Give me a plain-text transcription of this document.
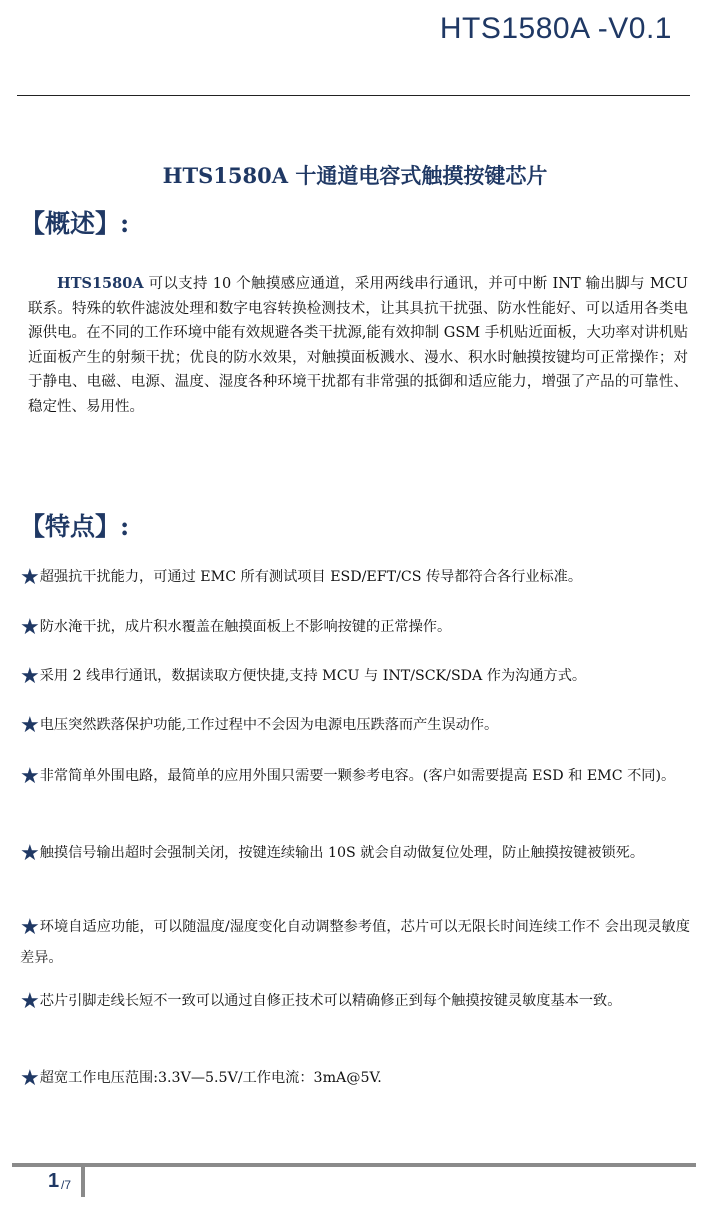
HTS1580A -V0.1
HTS1580A 十通道电容式触摸按键芯片
【概述】:

HTS1580A 可以支持 10 个触摸感应通道，采用两线串行通讯，并可中断 INT 输出脚与 MCU 联系。特殊的软件滤波处理和数字电容转换检测技术，让其具抗干扰强、防水性能好、可以适用各类电源供电。在不同的工作环境中能有效规避各类干扰源,能有效抑制 GSM 手机贴近面板，大功率对讲机贴近面板产生的射频干扰；优良的防水效果，对触摸面板溅水、漫水、积水时触摸按键均可正常操作；对于静电、电磁、电源、温度、湿度各种环境干扰都有非常强的抵御和适应能力，增强了产品的可靠性、稳定性、易用性。

【特点】:

★超强抗干扰能力，可通过 EMC 所有测试项目 ESD/EFT/CS 传导都符合各行业标准。

★防水淹干扰，成片积水覆盖在触摸面板上不影响按键的正常操作。

★采用 2 线串行通讯，数据读取方便快捷,支持 MCU 与 INT/SCK/SDA 作为沟通方式。

★电压突然跌落保护功能,工作过程中不会因为电源电压跌落而产生误动作。

★非常简单外围电路，最简单的应用外围只需要一颗参考电容。(客户如需要提高 ESD 和 EMC 不同)。

★触摸信号输出超时会强制关闭，按键连续输出 10S 就会自动做复位处理，防止触摸按键被锁死。

★环境自适应功能，可以随温度/湿度变化自动调整参考值，芯片可以无限长时间连续工作不 会出现灵敏度差异。

★芯片引脚走线长短不一致可以通过自修正技术可以精确修正到每个触摸按键灵敏度基本一致。

★超宽工作电压范围:3.3V—5.5V/工作电流：3mA@5V.

1 /7
